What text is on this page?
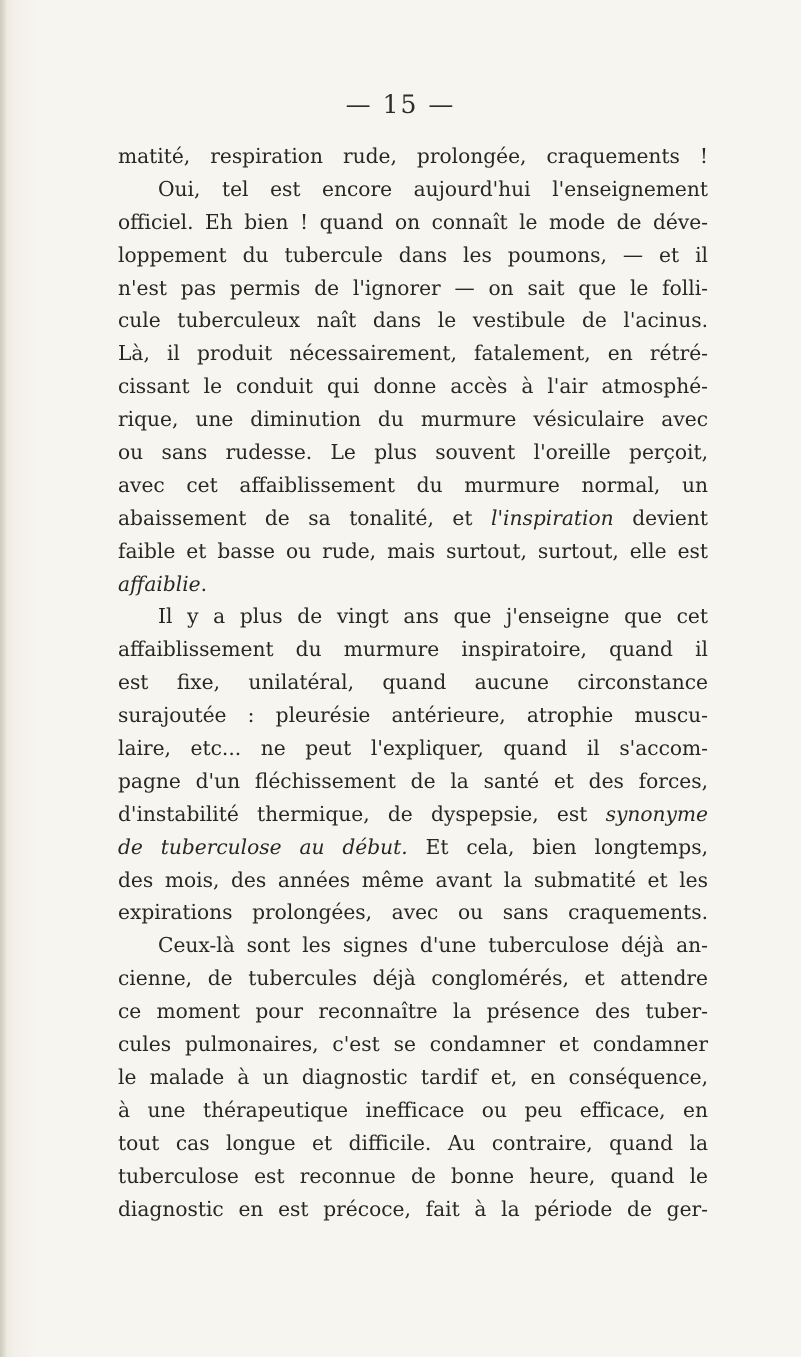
— 15 —
matité, respiration rude, prolongée, craquements !
Oui, tel est encore aujourd'hui l'enseignement
officiel. Eh bien ! quand on connaît le mode de déve-
loppement du tubercule dans les poumons, — et il
n'est pas permis de l'ignorer — on sait que le folli-
cule tuberculeux naît dans le vestibule de l'acinus.
Là, il produit nécessairement, fatalement, en rétré-
cissant le conduit qui donne accès à l'air atmosphé-
rique, une diminution du murmure vésiculaire avec
ou sans rudesse. Le plus souvent l'oreille perçoit,
avec cet affaiblissement du murmure normal, un
abaissement de sa tonalité, et l'inspiration devient
faible et basse ou rude, mais surtout, surtout, elle est
affaiblie.
Il y a plus de vingt ans que j'enseigne que cet
affaiblissement du murmure inspiratoire, quand il
est fixe, unilatéral, quand aucune circonstance
surajoutée : pleurésie antérieure, atrophie muscu-
laire, etc... ne peut l'expliquer, quand il s'accom-
pagne d'un fléchissement de la santé et des forces,
d'instabilité thermique, de dyspepsie, est synonyme
de tuberculose au début. Et cela, bien longtemps,
des mois, des années même avant la submatité et les
expirations prolongées, avec ou sans craquements.
Ceux-là sont les signes d'une tuberculose déjà an-
cienne, de tubercules déjà conglomérés, et attendre
ce moment pour reconnaître la présence des tuber-
cules pulmonaires, c'est se condamner et condamner
le malade à un diagnostic tardif et, en conséquence,
à une thérapeutique inefficace ou peu efficace, en
tout cas longue et difficile. Au contraire, quand la
tuberculose est reconnue de bonne heure, quand le
diagnostic en est précoce, fait à la période de ger-
